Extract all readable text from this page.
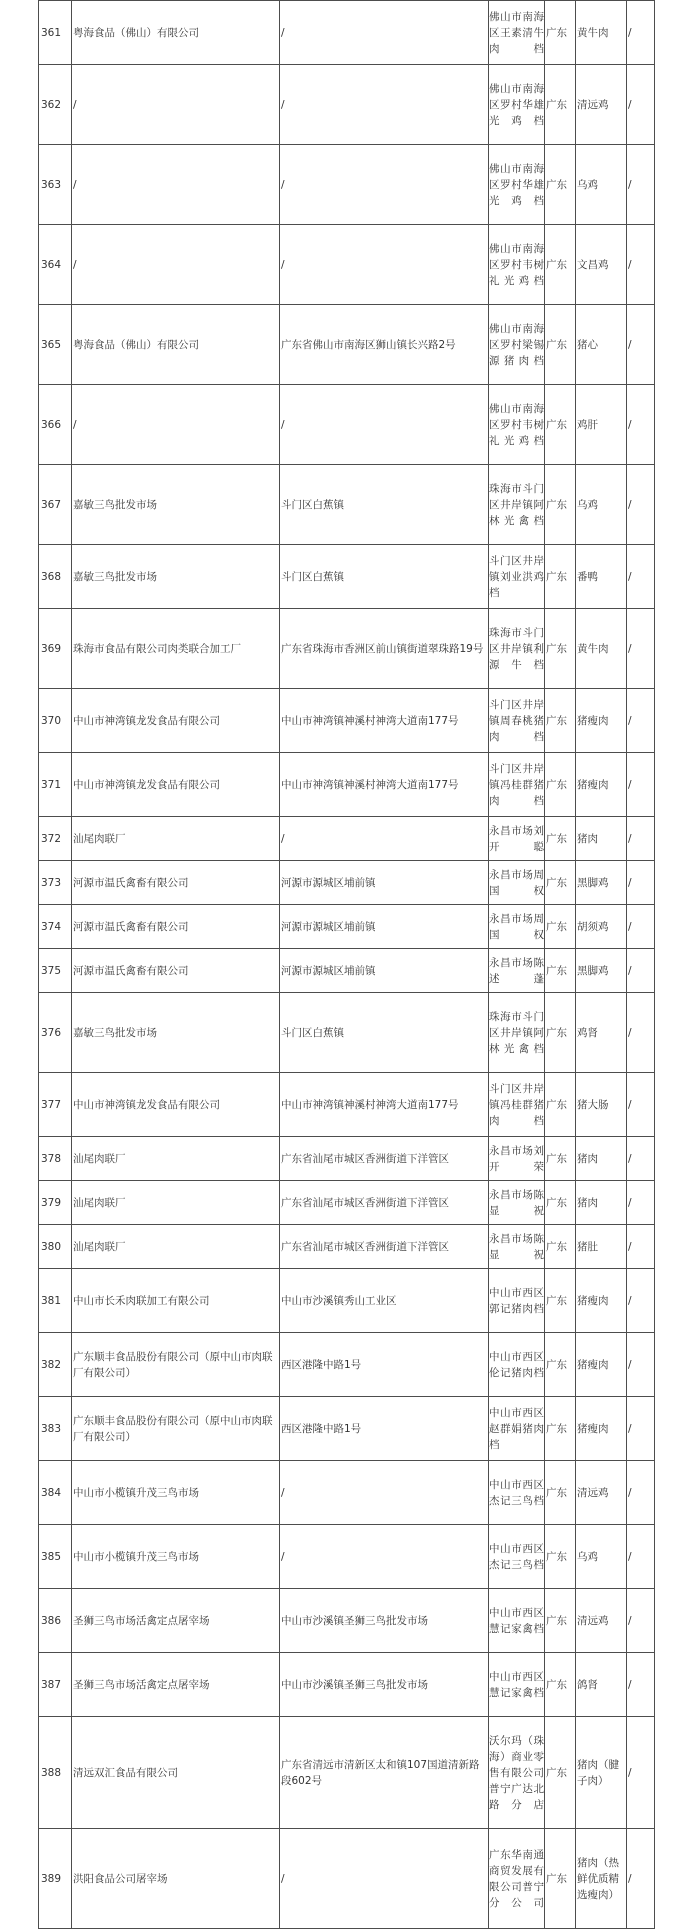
361	粤海食品（佛山）有限公司	/	佛山市南海区王素清牛肉档	广东	黄牛肉	/
362	/	/	佛山市南海区罗村华雄光鸡档	广东	清远鸡	/
363	/	/	佛山市南海区罗村华雄光鸡档	广东	乌鸡	/
364	/	/	佛山市南海区罗村韦树礼光鸡档	广东	文昌鸡	/
365	粤海食品（佛山）有限公司	广东省佛山市南海区狮山镇长兴路2号	佛山市南海区罗村梁锡源猪肉档	广东	猪心	/
366	/	/	佛山市南海区罗村韦树礼光鸡档	广东	鸡肝	/
367	嘉敏三鸟批发市场	斗门区白蕉镇	珠海市斗门区井岸镇阿林光禽档	广东	乌鸡	/
368	嘉敏三鸟批发市场	斗门区白蕉镇	斗门区井岸镇刘业洪鸡档	广东	番鸭	/
369	珠海市食品有限公司肉类联合加工厂	广东省珠海市香洲区前山镇街道翠珠路19号	珠海市斗门区井岸镇利源牛档	广东	黄牛肉	/
370	中山市神湾镇龙发食品有限公司	中山市神湾镇神溪村神湾大道南177号	斗门区井岸镇周春桃猪肉档	广东	猪瘦肉	/
371	中山市神湾镇龙发食品有限公司	中山市神湾镇神溪村神湾大道南177号	斗门区井岸镇冯桂群猪肉档	广东	猪瘦肉	/
372	汕尾肉联厂	/	永昌市场刘开聪	广东	猪肉	/
373	河源市温氏禽畜有限公司	河源市源城区埔前镇	永昌市场周国权	广东	黑脚鸡	/
374	河源市温氏禽畜有限公司	河源市源城区埔前镇	永昌市场周国权	广东	胡须鸡	/
375	河源市温氏禽畜有限公司	河源市源城区埔前镇	永昌市场陈述蓬	广东	黑脚鸡	/
376	嘉敏三鸟批发市场	斗门区白蕉镇	珠海市斗门区井岸镇阿林光禽档	广东	鸡肾	/
377	中山市神湾镇龙发食品有限公司	中山市神湾镇神溪村神湾大道南177号	斗门区井岸镇冯桂群猪肉档	广东	猪大肠	/
378	汕尾肉联厂	广东省汕尾市城区香洲街道下洋管区	永昌市场刘开荣	广东	猪肉	/
379	汕尾肉联厂	广东省汕尾市城区香洲街道下洋管区	永昌市场陈显祝	广东	猪肉	/
380	汕尾肉联厂	广东省汕尾市城区香洲街道下洋管区	永昌市场陈显祝	广东	猪肚	/
381	中山市长禾肉联加工有限公司	中山市沙溪镇秀山工业区	中山市西区郭记猪肉档	广东	猪瘦肉	/
382	广东顺丰食品股份有限公司（原中山市肉联厂有限公司）	西区港隆中路1号	中山市西区伦记猪肉档	广东	猪瘦肉	/
383	广东顺丰食品股份有限公司（原中山市肉联厂有限公司）	西区港隆中路1号	中山市西区赵群娟猪肉档	广东	猪瘦肉	/
384	中山市小榄镇升茂三鸟市场	/	中山市西区杰记三鸟档	广东	清远鸡	/
385	中山市小榄镇升茂三鸟市场	/	中山市西区杰记三鸟档	广东	乌鸡	/
386	圣狮三鸟市场活禽定点屠宰场	中山市沙溪镇圣狮三鸟批发市场	中山市西区慧记家禽档	广东	清远鸡	/
387	圣狮三鸟市场活禽定点屠宰场	中山市沙溪镇圣狮三鸟批发市场	中山市西区慧记家禽档	广东	鸽肾	/
388	清远双汇食品有限公司	广东省清远市清新区太和镇107国道清新路段602号	沃尔玛（珠海）商业零售有限公司普宁广达北路分店	广东	猪肉（腱子肉）	/
389	洪阳食品公司屠宰场	/	广东华南通商贸发展有限公司普宁分公司	广东	猪肉（热鲜优质精选瘦肉）	/
